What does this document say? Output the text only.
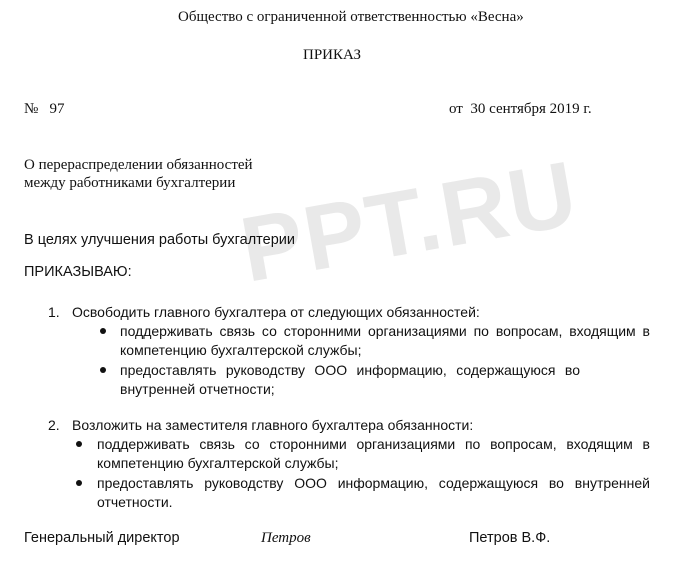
PPT.RU
Общество с ограниченной ответственностью «Весна»
ПРИКАЗ
№   97	от  30 сентября 2019 г.
О перераспределении обязанностей
между работниками бухгалтерии
В целях улучшения работы бухгалтерии
ПРИКАЗЫВАЮ:
1. Освободить главного бухгалтера от следующих обязанностей:
поддерживать связь со сторонними организациями по вопросам, входящим в компетенцию бухгалтерской службы;
предоставлять руководству ООО информацию, содержащуюся во внутренней отчетности;
2. Возложить на заместителя главного бухгалтера обязанности:
поддерживать связь со сторонними организациями по вопросам, входящим в компетенцию бухгалтерской службы;
предоставлять руководству ООО информацию, содержащуюся во внутренней отчетности.
Генеральный директор	Петров	Петров В.Ф.
